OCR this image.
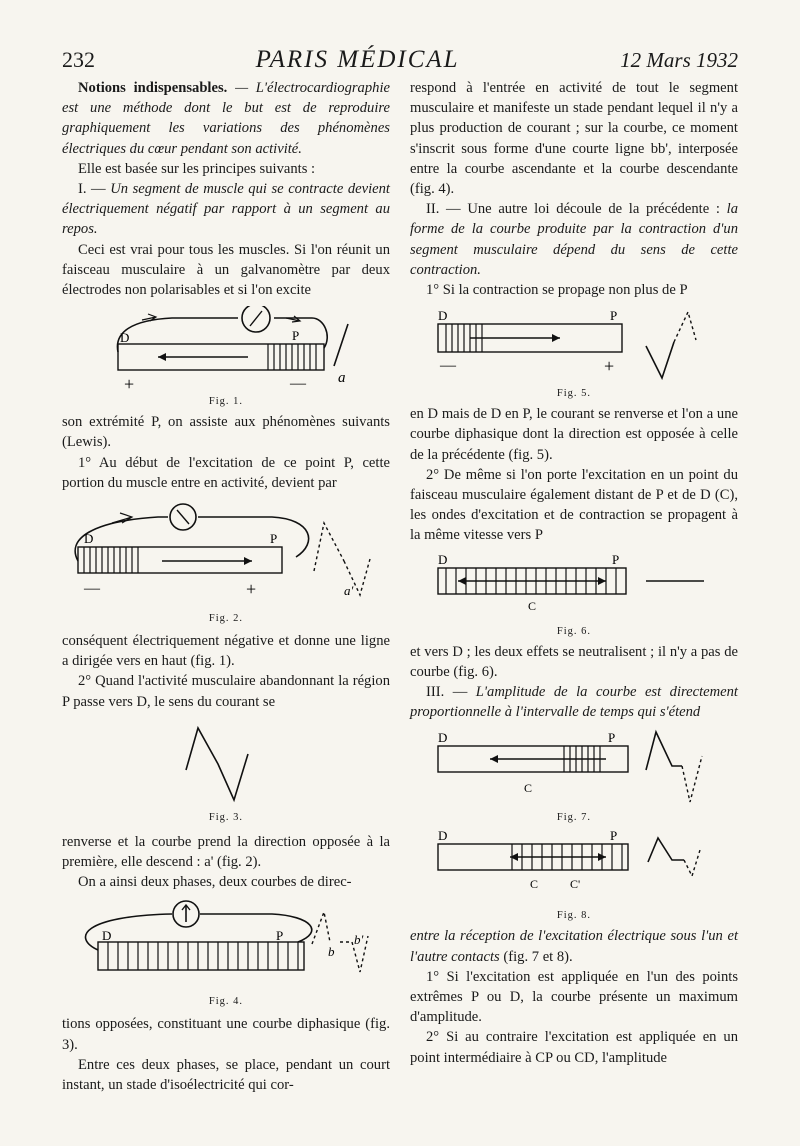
232	PARIS MÉDICAL	12 Mars 1932

Notions indispensables. — L'électrocardiographie est une méthode dont le but est de reproduire graphiquement les variations des phénomènes électriques du cœur pendant son activité.

Elle est basée sur les principes suivants :

I. — Un segment de muscle qui se contracte devient électriquement négatif par rapport à un segment au repos.

Ceci est vrai pour tous les muscles. Si l'on réunit un faisceau musculaire à un galvanomètre par deux électrodes non polarisables et si l'on excite

D	P
+	— a
Fig. 1.

son extrémité P, on assiste aux phénomènes suivants (Lewis).

1° Au début de l'excitation de ce point P, cette portion du muscle entre en activité, devient par

D	P
—	+	a'
Fig. 2.

conséquent électriquement négative et donne une ligne a dirigée vers en haut (fig. 1).

2° Quand l'activité musculaire abandonnant la région P passe vers D, le sens du courant se

Fig. 3.

renverse et la courbe prend la direction opposée à la première, elle descend : a' (fig. 2).

On a ainsi deux phases, deux courbes de direc-

D	P
b
b'
Fig. 4.

tions opposées, constituant une courbe diphasique (fig. 3).

Entre ces deux phases, se place, pendant un court instant, un stade d'isoélectricité qui cor-

respond à l'entrée en activité de tout le segment musculaire et manifeste un stade pendant lequel il n'y a plus production de courant ; sur la courbe, ce moment s'inscrit sous forme d'une courte ligne bb', interposée entre la courbe ascendante et la courbe descendante (fig. 4).

II. — Une autre loi découle de la précédente : la forme de la courbe produite par la contraction d'un segment musculaire dépend du sens de cette contraction.

1° Si la contraction se propage non plus de P

D	P
—	+
Fig. 5.

en D mais de D en P, le courant se renverse et l'on a une courbe diphasique dont la direction est opposée à celle de la précédente (fig. 5).

2° De même si l'on porte l'excitation en un point du faisceau musculaire également distant de P et de D (C), les ondes d'excitation et de contraction se propagent à la même vitesse vers P

D	P
C
Fig. 6.

et vers D ; les deux effets se neutralisent ; il n'y a pas de courbe (fig. 6).

III. — L'amplitude de la courbe est directement proportionnelle à l'intervalle de temps qui s'étend

D	P
C
Fig. 7.
D	P
C	C'
Fig. 8.

entre la réception de l'excitation électrique sous l'un et l'autre contacts (fig. 7 et 8).

1° Si l'excitation est appliquée en l'un des points extrêmes P ou D, la courbe présente un maximum d'amplitude.

2° Si au contraire l'excitation est appliquée en un point intermédiaire à CP ou CD, l'amplitude
